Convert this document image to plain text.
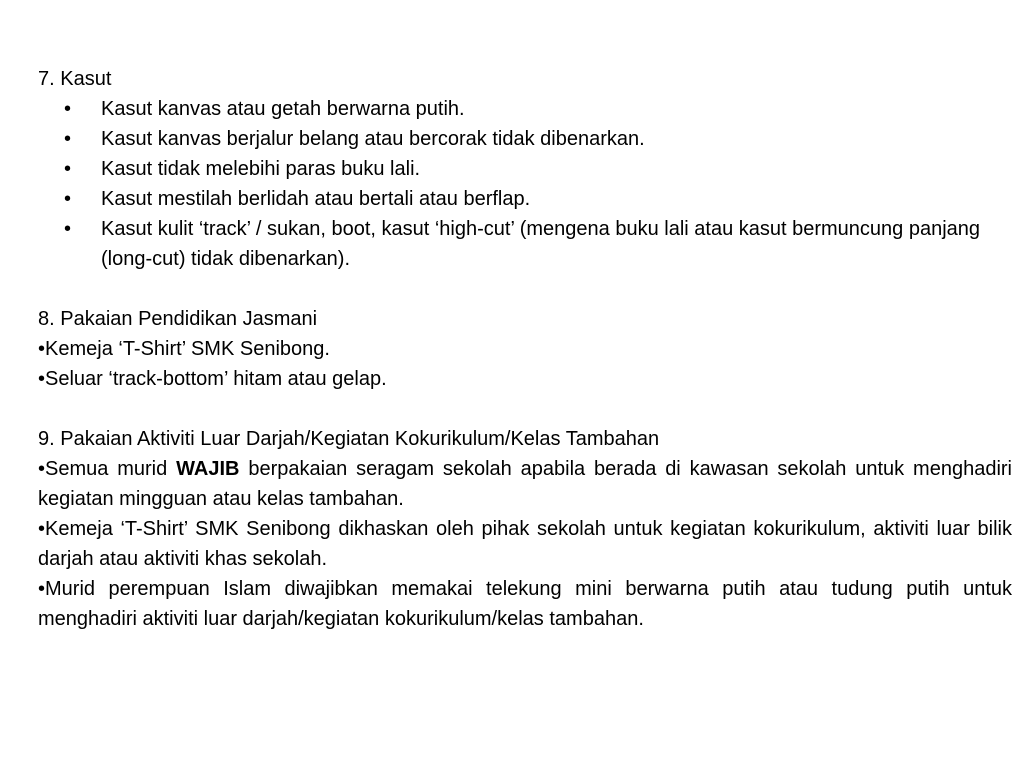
7. Kasut

• Kasut kanvas atau getah berwarna putih.
• Kasut kanvas berjalur belang atau bercorak tidak dibenarkan.
• Kasut tidak melebihi paras buku lali.
• Kasut mestilah berlidah atau bertali atau berflap.
• Kasut kulit ‘track’ / sukan, boot, kasut ‘high-cut’ (mengena buku lali atau kasut bermuncung panjang (long-cut) tidak dibenarkan).

8. Pakaian Pendidikan Jasmani

•Kemeja ‘T-Shirt’ SMK Senibong.

•Seluar ‘track-bottom’ hitam atau gelap.

9. Pakaian Aktiviti Luar Darjah/Kegiatan Kokurikulum/Kelas Tambahan

•Semua murid WAJIB berpakaian seragam sekolah apabila berada di kawasan sekolah untuk menghadiri kegiatan mingguan atau kelas tambahan.

•Kemeja ‘T-Shirt’ SMK Senibong dikhaskan oleh pihak sekolah untuk kegiatan kokurikulum, aktiviti luar bilik darjah atau aktiviti khas sekolah.

•Murid perempuan Islam diwajibkan memakai telekung mini berwarna putih atau tudung putih untuk menghadiri aktiviti luar darjah/kegiatan kokurikulum/kelas tambahan.
